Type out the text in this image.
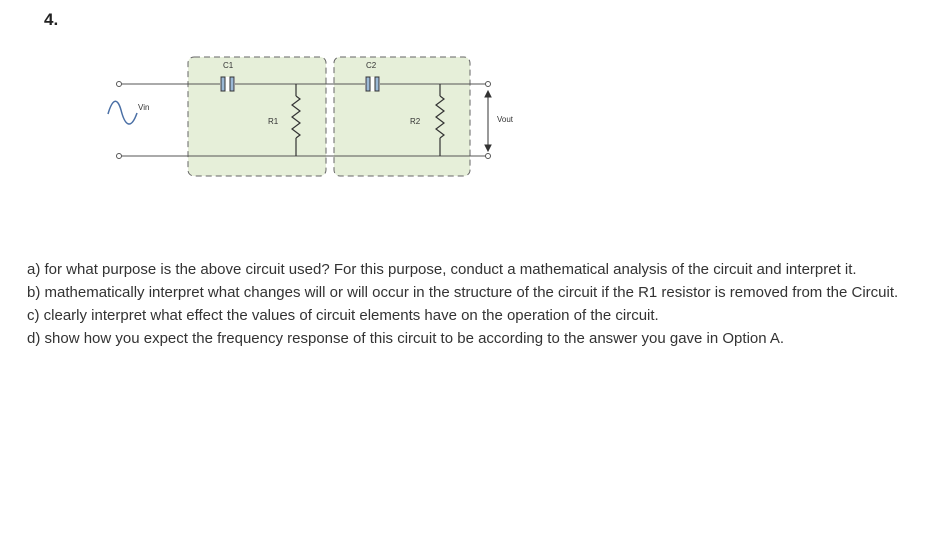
4.
Vin
C1	C2
R1	R2	Vout

a) for what purpose is the above circuit used? For this purpose, conduct a mathematical analysis of the circuit and interpret it.

b) mathematically interpret what changes will or will occur in the structure of the circuit if the R1 resistor is removed from the Circuit.

c) clearly interpret what effect the values of circuit elements have on the operation of the circuit.

d) show how you expect the frequency response of this circuit to be according to the answer you gave in Option A.
